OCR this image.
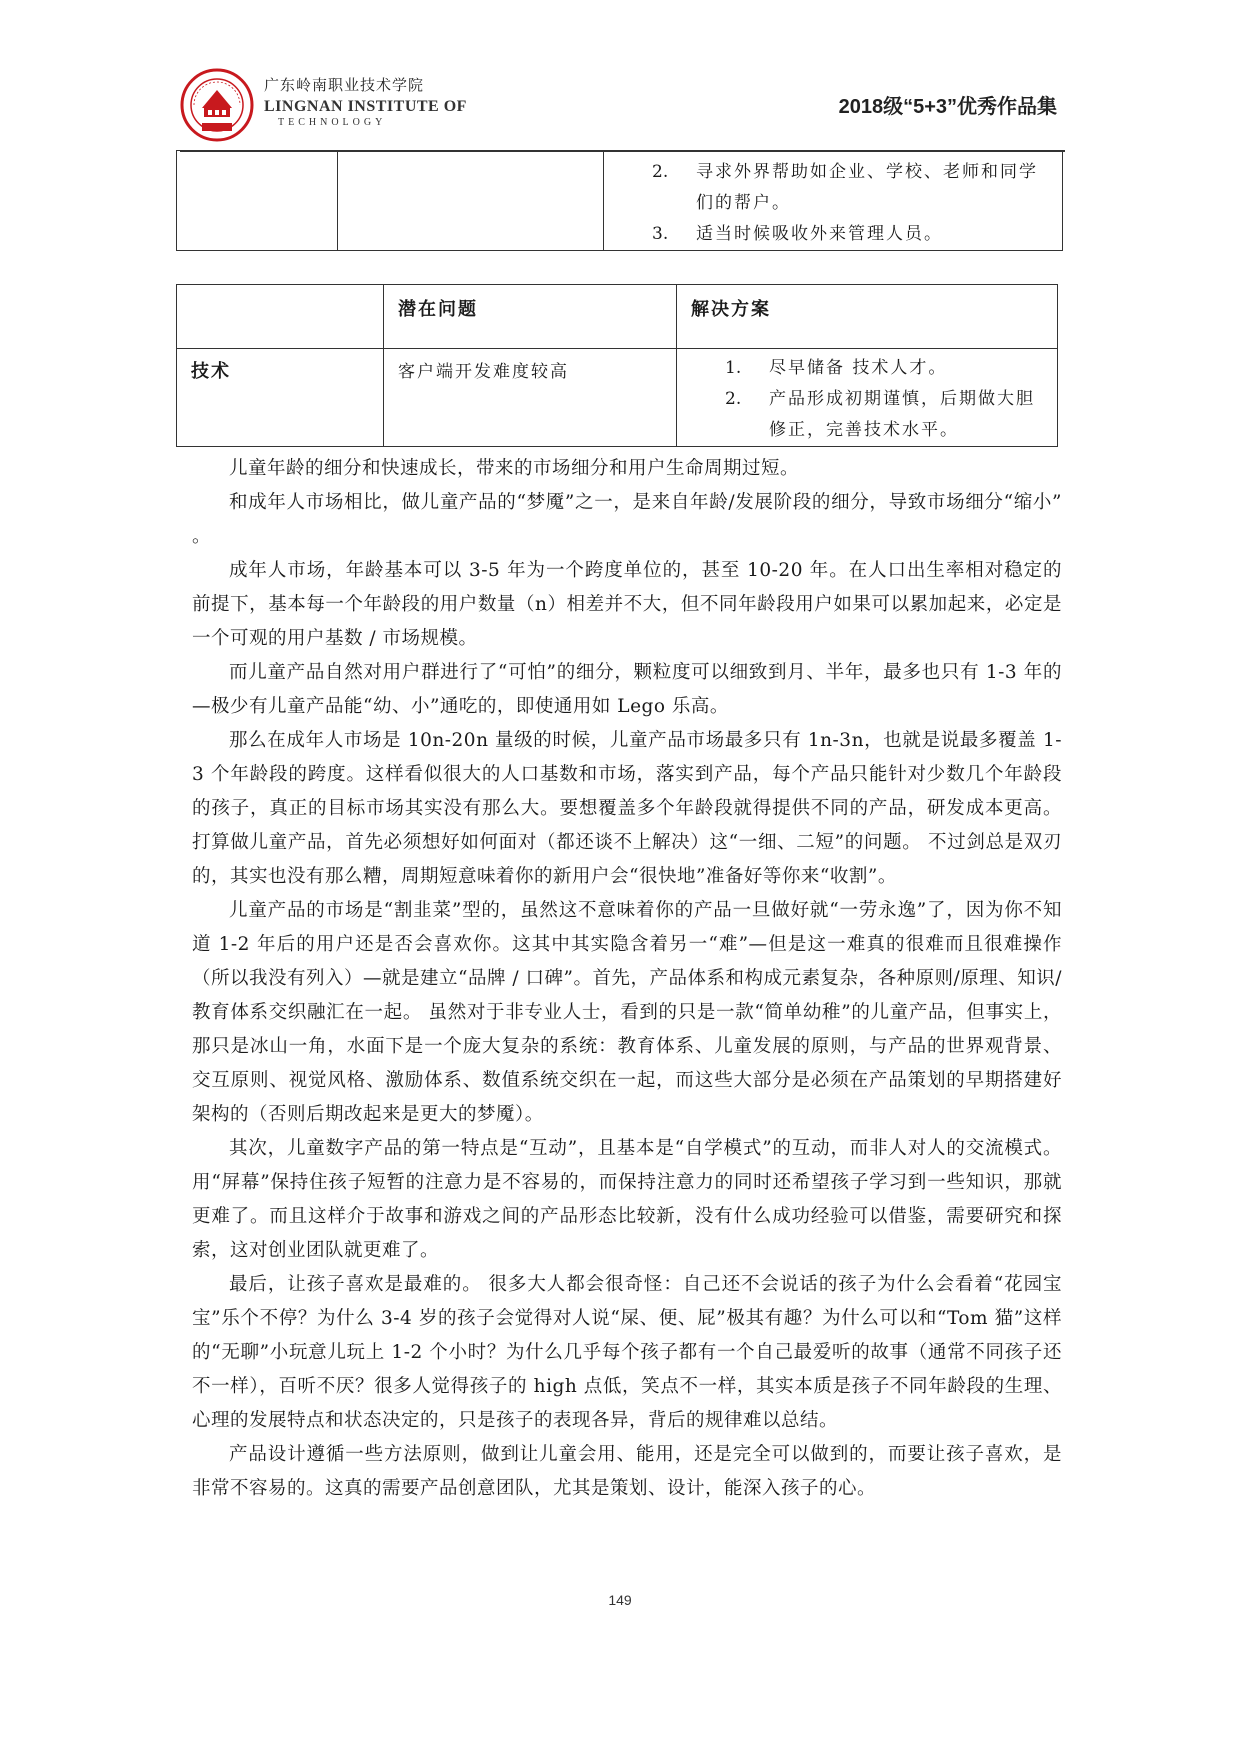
广东岭南职业技术学院
LINGNAN INSTITUTE OF
TECHNOLOGY
2018级“5+3”优秀作品集

2.	寻求外界帮助如企业、学校、老师和同学们的帮户。
3.	适当时候吸收外来管理人员。
	潜在问题	解决方案
技术	客户端开发难度较高	1. 尽早储备 技术人才。
2. 产品形成初期谨慎，后期做大胆修正，完善技术水平。

儿童年龄的细分和快速成长，带来的市场细分和用户生命周期过短。

和成年人市场相比，做儿童产品的“梦魇”之一，是来自年龄/发展阶段的细分，导致市场细分“缩小” 。

成年人市场，年龄基本可以 3-5 年为一个跨度单位的，甚至 10-20 年。在人口出生率相对稳定的前提下，基本每一个年龄段的用户数量（n）相差并不大，但不同年龄段用户如果可以累加起来，必定是一个可观的用户基数 / 市场规模。

而儿童产品自然对用户群进行了“可怕”的细分，颗粒度可以细致到月、半年，最多也只有 1-3 年的—极少有儿童产品能“幼、小”通吃的，即使通用如 Lego 乐高。

那么在成年人市场是 10n-20n 量级的时候，儿童产品市场最多只有 1n-3n，也就是说最多覆盖 1-3 个年龄段的跨度。这样看似很大的人口基数和市场，落实到产品，每个产品只能针对少数几个年龄段的孩子，真正的目标市场其实没有那么大。要想覆盖多个年龄段就得提供不同的产品，研发成本更高。打算做儿童产品，首先必须想好如何面对（都还谈不上解决）这“一细、二短”的问题。 不过剑总是双刃的，其实也没有那么糟，周期短意味着你的新用户会“很快地”准备好等你来“收割”。

儿童产品的市场是“割韭菜”型的，虽然这不意味着你的产品一旦做好就“一劳永逸”了，因为你不知道 1-2 年后的用户还是否会喜欢你。这其中其实隐含着另一“难”—但是这一难真的很难而且很难操作（所以我没有列入）—就是建立“品牌 / 口碑”。首先，产品体系和构成元素复杂，各种原则/原理、知识/教育体系交织融汇在一起。 虽然对于非专业人士，看到的只是一款“简单幼稚”的儿童产品，但事实上，那只是冰山一角，水面下是一个庞大复杂的系统：教育体系、儿童发展的原则，与产品的世界观背景、交互原则、视觉风格、激励体系、数值系统交织在一起，而这些大部分是必须在产品策划的早期搭建好架构的（否则后期改起来是更大的梦魇）。

其次，儿童数字产品的第一特点是“互动”，且基本是“自学模式”的互动，而非人对人的交流模式。 用“屏幕”保持住孩子短暂的注意力是不容易的，而保持注意力的同时还希望孩子学习到一些知识，那就更难了。而且这样介于故事和游戏之间的产品形态比较新，没有什么成功经验可以借鉴，需要研究和探索，这对创业团队就更难了。

最后，让孩子喜欢是最难的。 很多大人都会很奇怪：自己还不会说话的孩子为什么会看着“花园宝宝”乐个不停？为什么 3-4 岁的孩子会觉得对人说“屎、便、屁”极其有趣？为什么可以和“Tom 猫”这样的“无聊”小玩意儿玩上 1-2 个小时？为什么几乎每个孩子都有一个自己最爱听的故事（通常不同孩子还不一样），百听不厌？很多人觉得孩子的 high 点低，笑点不一样，其实本质是孩子不同年龄段的生理、心理的发展特点和状态决定的，只是孩子的表现各异，背后的规律难以总结。

产品设计遵循一些方法原则，做到让儿童会用、能用，还是完全可以做到的，而要让孩子喜欢，是非常不容易的。这真的需要产品创意团队，尤其是策划、设计，能深入孩子的心。

149
